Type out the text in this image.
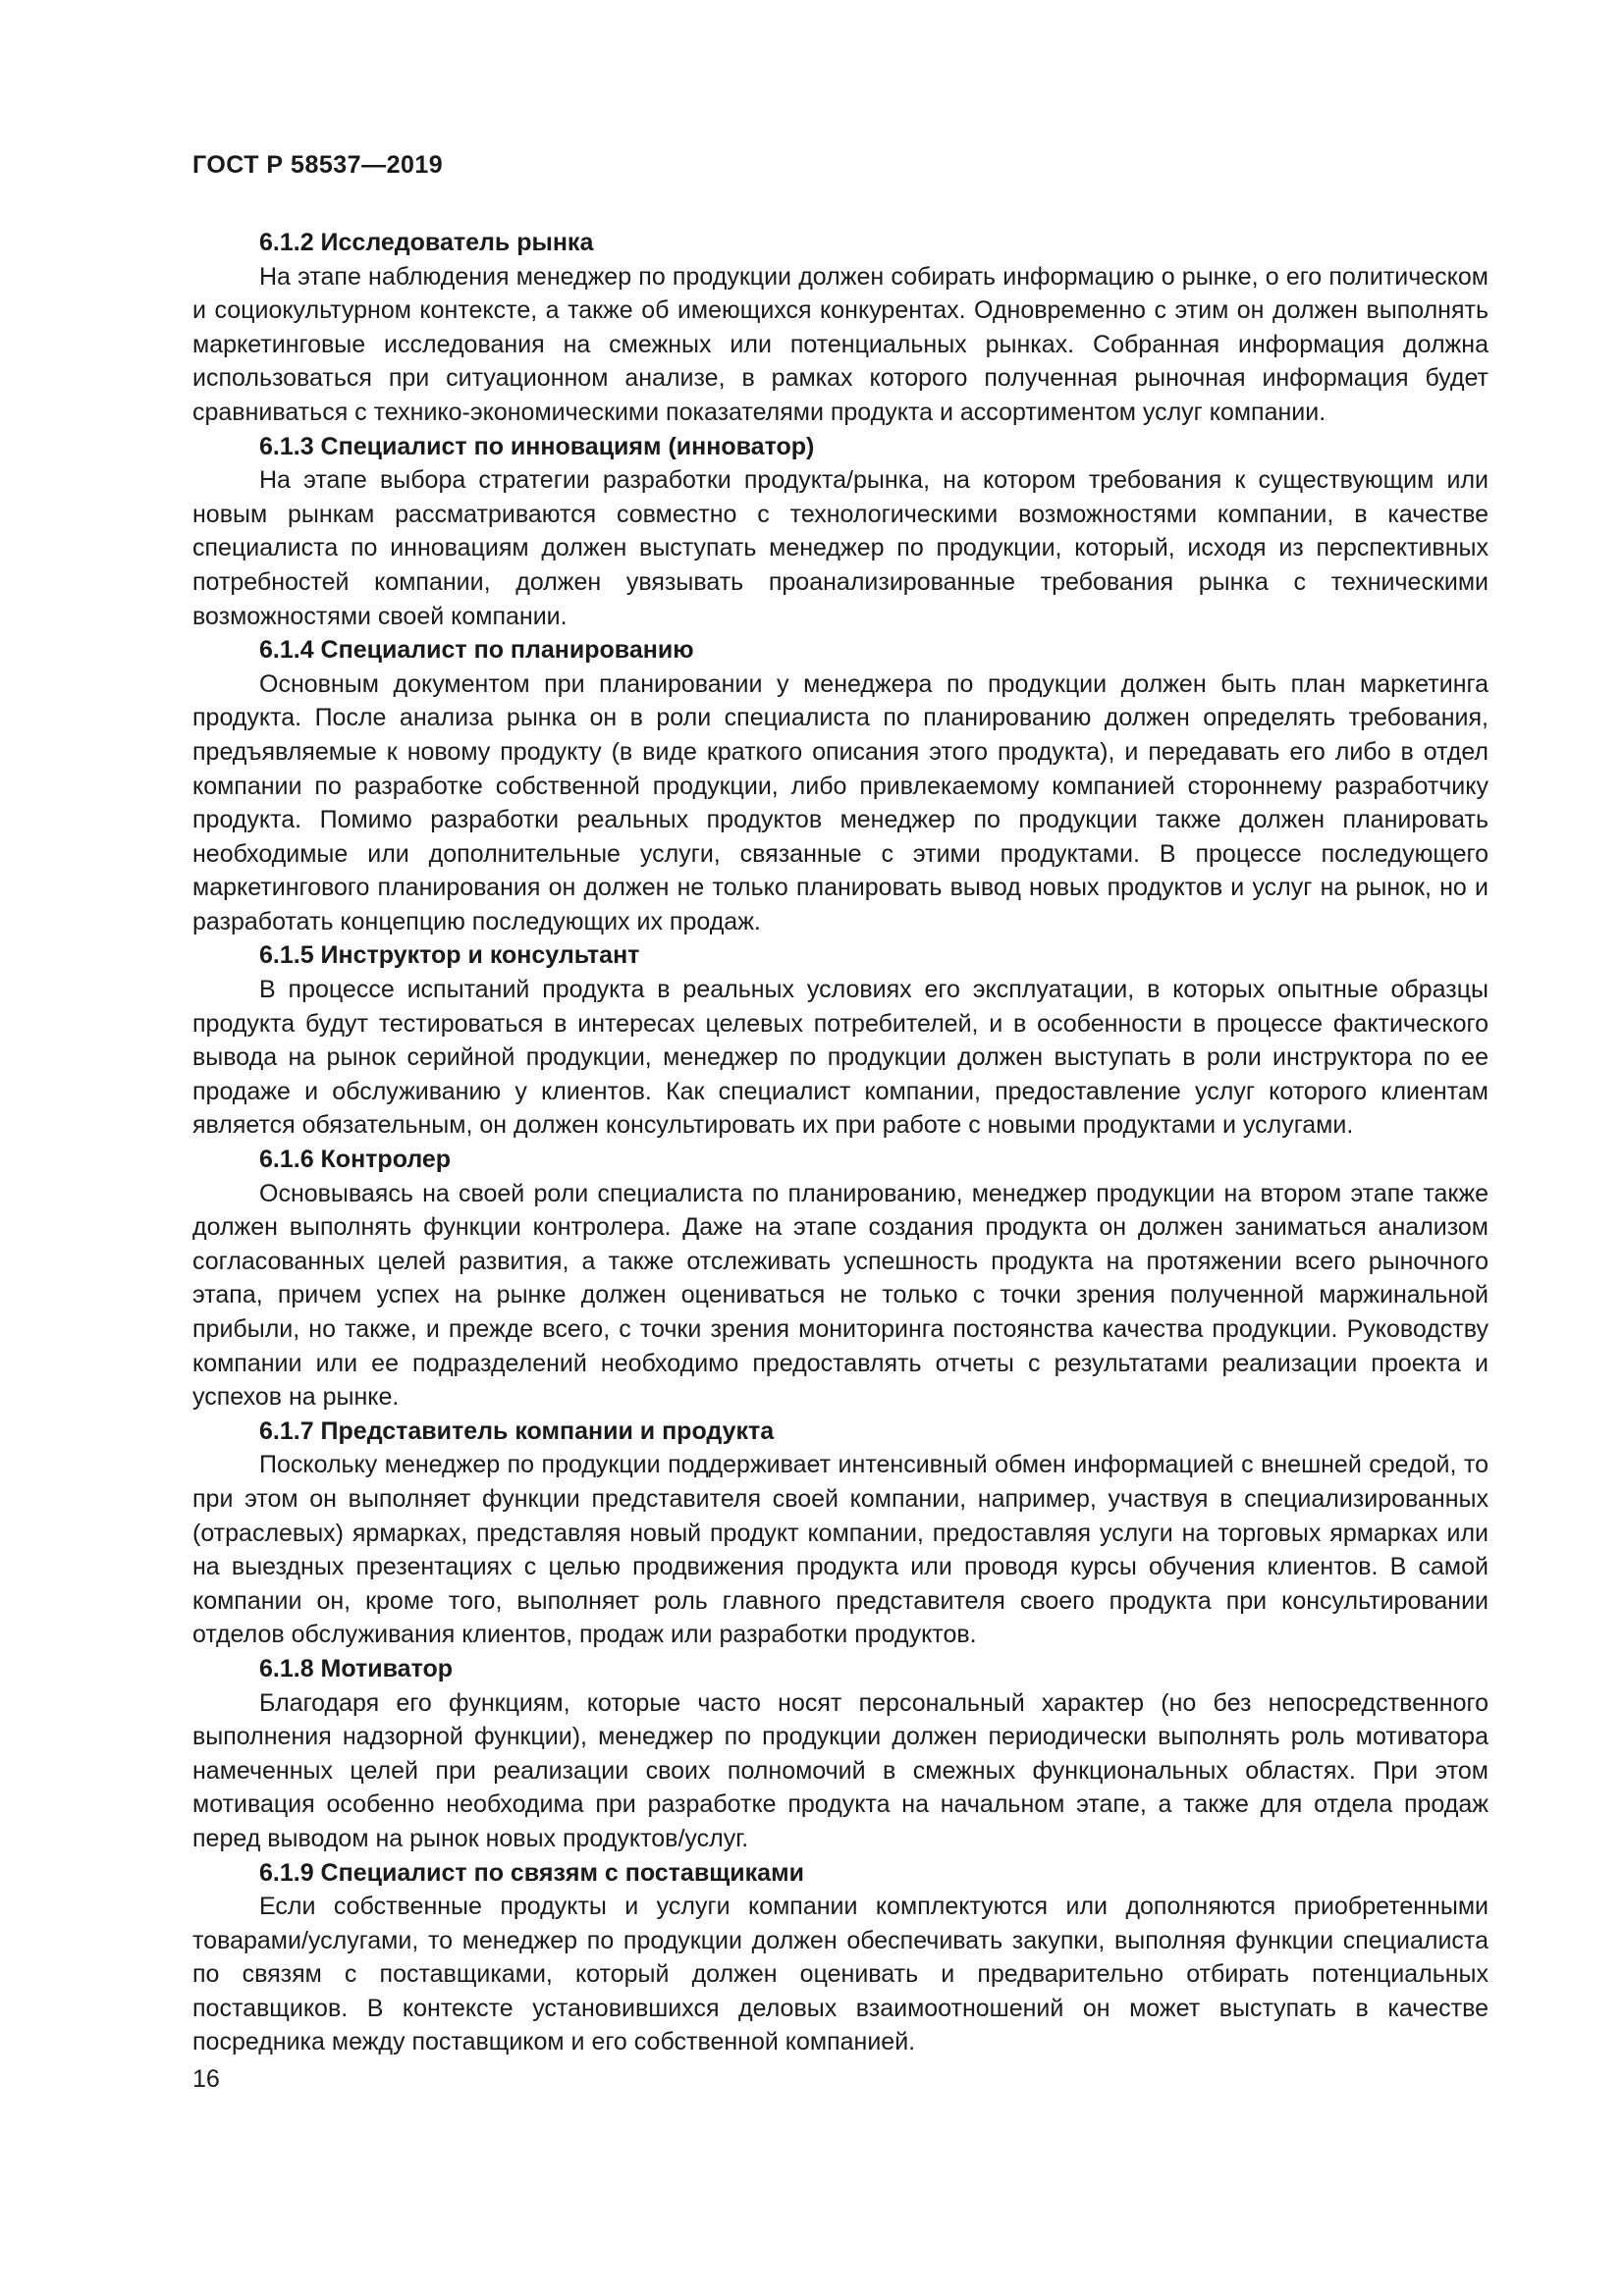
ГОСТ Р 58537—2019

6.1.2 Исследователь рынка

На этапе наблюдения менеджер по продукции должен собирать информацию о рынке, о его политическом и социокультурном контексте, а также об имеющихся конкурентах. Одновременно с этим он должен выполнять маркетинговые исследования на смежных или потенциальных рынках. Собранная информация должна использоваться при ситуационном анализе, в рамках которого полученная рыночная информация будет сравниваться с технико-экономическими показателями продукта и ассортиментом услуг компании.

6.1.3 Специалист по инновациям (инноватор)

На этапе выбора стратегии разработки продукта/рынка, на котором требования к существующим или новым рынкам рассматриваются совместно с технологическими возможностями компании, в качестве специалиста по инновациям должен выступать менеджер по продукции, который, исходя из перспективных потребностей компании, должен увязывать проанализированные требования рынка с техническими возможностями своей компании.

6.1.4 Специалист по планированию

Основным документом при планировании у менеджера по продукции должен быть план маркетинга продукта. После анализа рынка он в роли специалиста по планированию должен определять требования, предъявляемые к новому продукту (в виде краткого описания этого продукта), и передавать его либо в отдел компании по разработке собственной продукции, либо привлекаемому компанией стороннему разработчику продукта. Помимо разработки реальных продуктов менеджер по продукции также должен планировать необходимые или дополнительные услуги, связанные с этими продуктами. В процессе последующего маркетингового планирования он должен не только планировать вывод новых продуктов и услуг на рынок, но и разработать концепцию последующих их продаж.

6.1.5 Инструктор и консультант

В процессе испытаний продукта в реальных условиях его эксплуатации, в которых опытные образцы продукта будут тестироваться в интересах целевых потребителей, и в особенности в процессе фактического вывода на рынок серийной продукции, менеджер по продукции должен выступать в роли инструктора по ее продаже и обслуживанию у клиентов. Как специалист компании, предоставление услуг которого клиентам является обязательным, он должен консультировать их при работе с новыми продуктами и услугами.

6.1.6 Контролер

Основываясь на своей роли специалиста по планированию, менеджер продукции на втором этапе также должен выполнять функции контролера. Даже на этапе создания продукта он должен заниматься анализом согласованных целей развития, а также отслеживать успешность продукта на протяжении всего рыночного этапа, причем успех на рынке должен оцениваться не только с точки зрения полученной маржинальной прибыли, но также, и прежде всего, с точки зрения мониторинга постоянства качества продукции. Руководству компании или ее подразделений необходимо предоставлять отчеты с результатами реализации проекта и успехов на рынке.

6.1.7 Представитель компании и продукта

Поскольку менеджер по продукции поддерживает интенсивный обмен информацией с внешней средой, то при этом он выполняет функции представителя своей компании, например, участвуя в специализированных (отраслевых) ярмарках, представляя новый продукт компании, предоставляя услуги на торговых ярмарках или на выездных презентациях с целью продвижения продукта или проводя курсы обучения клиентов. В самой компании он, кроме того, выполняет роль главного представителя своего продукта при консультировании отделов обслуживания клиентов, продаж или разработки продуктов.

6.1.8 Мотиватор

Благодаря его функциям, которые часто носят персональный характер (но без непосредственного выполнения надзорной функции), менеджер по продукции должен периодически выполнять роль мотиватора намеченных целей при реализации своих полномочий в смежных функциональных областях. При этом мотивация особенно необходима при разработке продукта на начальном этапе, а также для отдела продаж перед выводом на рынок новых продуктов/услуг.

6.1.9 Специалист по связям с поставщиками

Если собственные продукты и услуги компании комплектуются или дополняются приобретенными товарами/услугами, то менеджер по продукции должен обеспечивать закупки, выполняя функции специалиста по связям с поставщиками, который должен оценивать и предварительно отбирать потенциальных поставщиков. В контексте установившихся деловых взаимоотношений он может выступать в качестве посредника между поставщиком и его собственной компанией.

16
